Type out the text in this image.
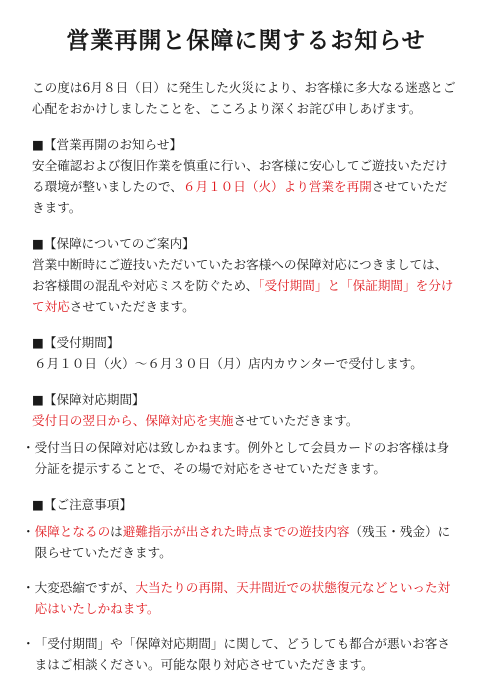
営業再開と保障に関するお知らせ

この度は6月８日（日）に発生した火災により、お客様に多大なる迷惑とご心配をおかけしましたことを、こころより深くお詫び申しあげます。

■【営業再開のお知らせ】

安全確認および復旧作業を慎重に行い、お客様に安心してご遊技いただける環境が整いましたので、６月１０日（火）より営業を再開させていただきます。

■【保障についてのご案内】

営業中断時にご遊技いただいていたお客様への保障対応につきましては、お客様間の混乱や対応ミスを防ぐため、「受付期間」と「保証期間」を分けて対応させていただきます。

■【受付期間】

６月１０日（火）～６月３０日（月）店内カウンターで受付します。

■【保障対応期間】

受付日の翌日から、保障対応を実施させていただきます。

・ 受付当日の保障対応は致しかねます。例外として会員カードのお客様は身分証を提示することで、その場で対応をさせていただきます。
■【ご注意事項】
・ 保障となるのは避難指示が出された時点までの遊技内容（残玉・残金）に限らせていただきます。
・ 大変恐縮ですが、大当たりの再開、天井間近での状態復元などといった対応はいたしかねます。
・ 「受付期間」や「保障対応期間」に関して、どうしても都合が悪いお客さまはご相談ください。可能な限り対応させていただきます。
